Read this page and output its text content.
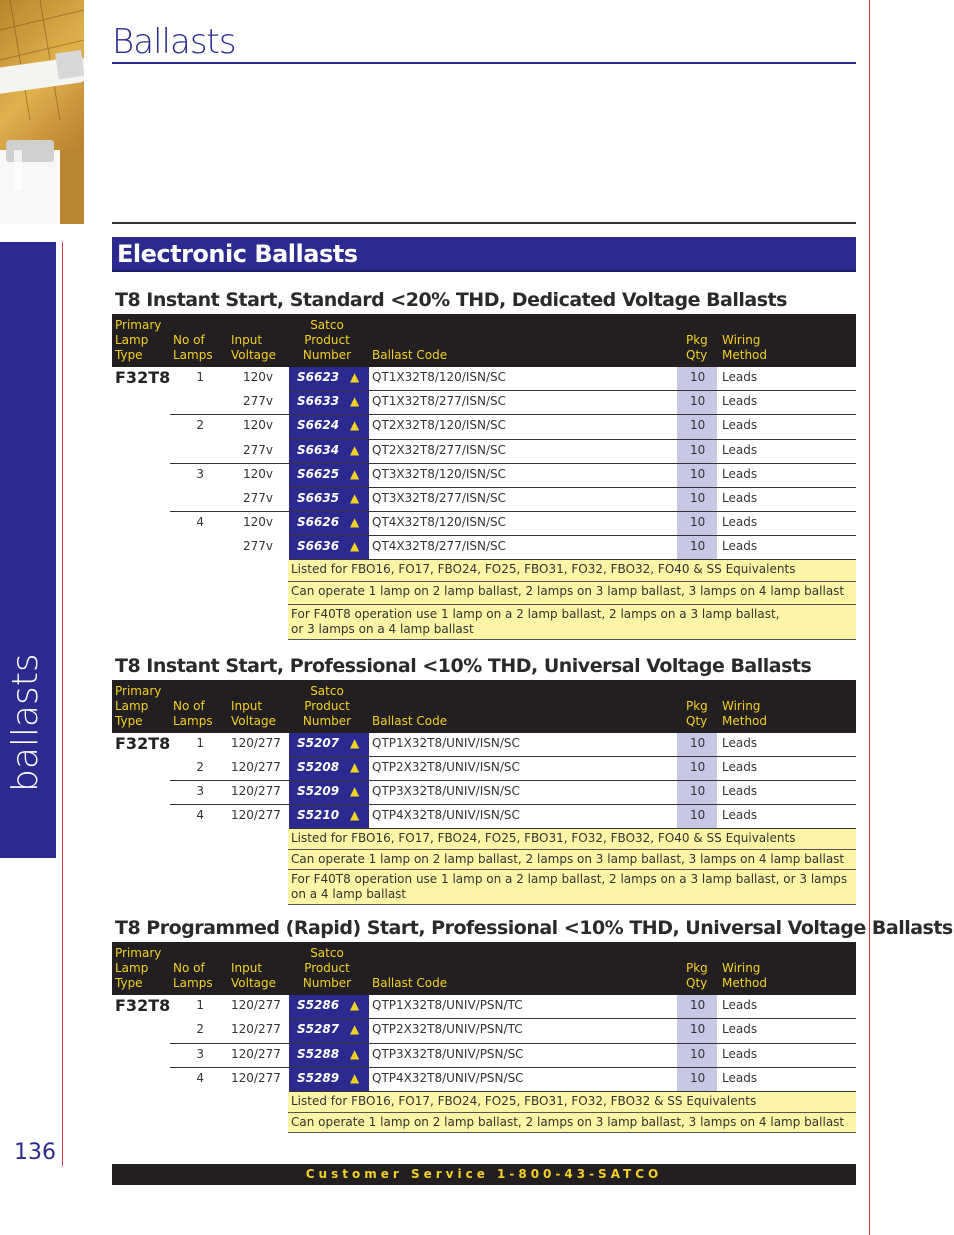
ballasts
136
Ballasts
Electronic Ballasts
T8 Instant Start, Standard <20% THD, Dedicated Voltage Ballasts
Primary
Lamp
Type
No of
Lamps
Input
Voltage
Satco
Product
Number	Ballast Code
Pkg
Qty
Wiring
Method
F32T8	1	120v S6623 ▲ QT1X32T8/120/ISN/SC	10 Leads
277v S6633 ▲ QT1X32T8/277/ISN/SC	10 Leads
2	120v S6624 ▲ QT2X32T8/120/ISN/SC	10 Leads
277v S6634 ▲ QT2X32T8/277/ISN/SC	10 Leads
3	120v S6625 ▲ QT3X32T8/120/ISN/SC	10 Leads
277v S6635 ▲ QT3X32T8/277/ISN/SC	10 Leads
4	120v S6626 ▲ QT4X32T8/120/ISN/SC	10 Leads
277v S6636 ▲ QT4X32T8/277/ISN/SC	10 Leads
Listed for FBO16, FO17, FBO24, FO25, FBO31, FO32, FBO32, FO40 & SS Equivalents
Can operate 1 lamp on 2 lamp ballast, 2 lamps on 3 lamp ballast, 3 lamps on 4 lamp ballast
For F40T8 operation use 1 lamp on a 2 lamp ballast, 2 lamps on a 3 lamp ballast,
or 3 lamps on a 4 lamp ballast
T8 Instant Start, Professional <10% THD, Universal Voltage Ballasts
Primary
Lamp
Type
No of
Lamps
Input
Voltage
Satco
Product
Number	Ballast Code
Pkg
Qty
Wiring
Method
F32T8	1 120/277 S5207 ▲ QTP1X32T8/UNIV/ISN/SC	10 Leads
2 120/277 S5208 ▲ QTP2X32T8/UNIV/ISN/SC	10 Leads
3 120/277 S5209 ▲ QTP3X32T8/UNIV/ISN/SC	10 Leads
4 120/277 S5210 ▲ QTP4X32T8/UNIV/ISN/SC	10 Leads
Listed for FBO16, FO17, FBO24, FO25, FBO31, FO32, FBO32, FO40 & SS Equivalents
Can operate 1 lamp on 2 lamp ballast, 2 lamps on 3 lamp ballast, 3 lamps on 4 lamp ballast
For F40T8 operation use 1 lamp on a 2 lamp ballast, 2 lamps on a 3 lamp ballast, or 3 lamps
on a 4 lamp ballast
T8 Programmed (Rapid) Start, Professional <10% THD, Universal Voltage Ballasts
Primary
Lamp
Type
No of
Lamps
Input
Voltage
Satco
Product
Number	Ballast Code
Pkg
Qty
Wiring
Method
F32T8	1 120/277 S5286 ▲ QTP1X32T8/UNIV/PSN/TC	10 Leads
2 120/277 S5287 ▲ QTP2X32T8/UNIV/PSN/TC	10 Leads
3 120/277 S5288 ▲ QTP3X32T8/UNIV/PSN/SC	10 Leads
4 120/277 S5289 ▲ QTP4X32T8/UNIV/PSN/SC	10 Leads
Listed for FBO16, FO17, FBO24, FO25, FBO31, FO32, FBO32 & SS Equivalents
Can operate 1 lamp on 2 lamp ballast, 2 lamps on 3 lamp ballast, 3 lamps on 4 lamp ballast
Customer Service 1-800-43-SATCO
